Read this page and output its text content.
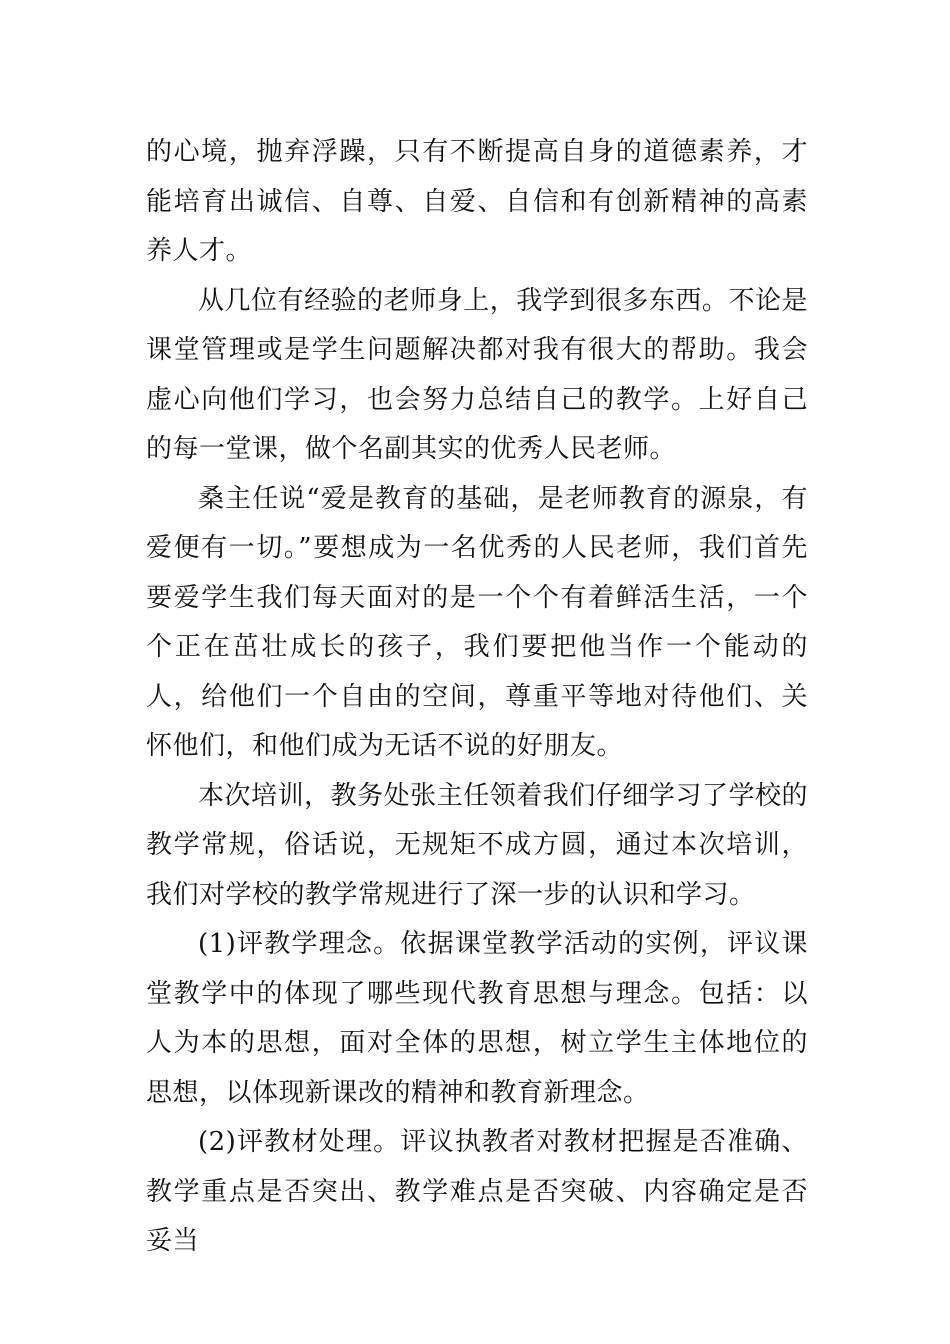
的心境，抛弃浮躁，只有不断提高自身的道德素养，才能培育出诚信、自尊、自爱、自信和有创新精神的高素养人才。

从几位有经验的老师身上，我学到很多东西。不论是课堂管理或是学生问题解决都对我有很大的帮助。我会虚心向他们学习，也会努力总结自己的教学。上好自己的每一堂课，做个名副其实的优秀人民老师。

桑主任说“爱是教育的基础，是老师教育的源泉，有爱便有一切。”要想成为一名优秀的人民老师，我们首先要爱学生我们每天面对的是一个个有着鲜活生活，一个个正在茁壮成长的孩子，我们要把他当作一个能动的人，给他们一个自由的空间，尊重平等地对待他们、关怀他们，和他们成为无话不说的好朋友。

本次培训，教务处张主任领着我们仔细学习了学校的教学常规，俗话说，无规矩不成方圆，通过本次培训，我们对学校的教学常规进行了深一步的认识和学习。

(1)评教学理念。依据课堂教学活动的实例，评议课堂教学中的体现了哪些现代教育思想与理念。包括：以人为本的思想，面对全体的思想，树立学生主体地位的思想，以体现新课改的精神和教育新理念。

(2)评教材处理。评议执教者对教材把握是否准确、教学重点是否突出、教学难点是否突破、内容确定是否妥当
